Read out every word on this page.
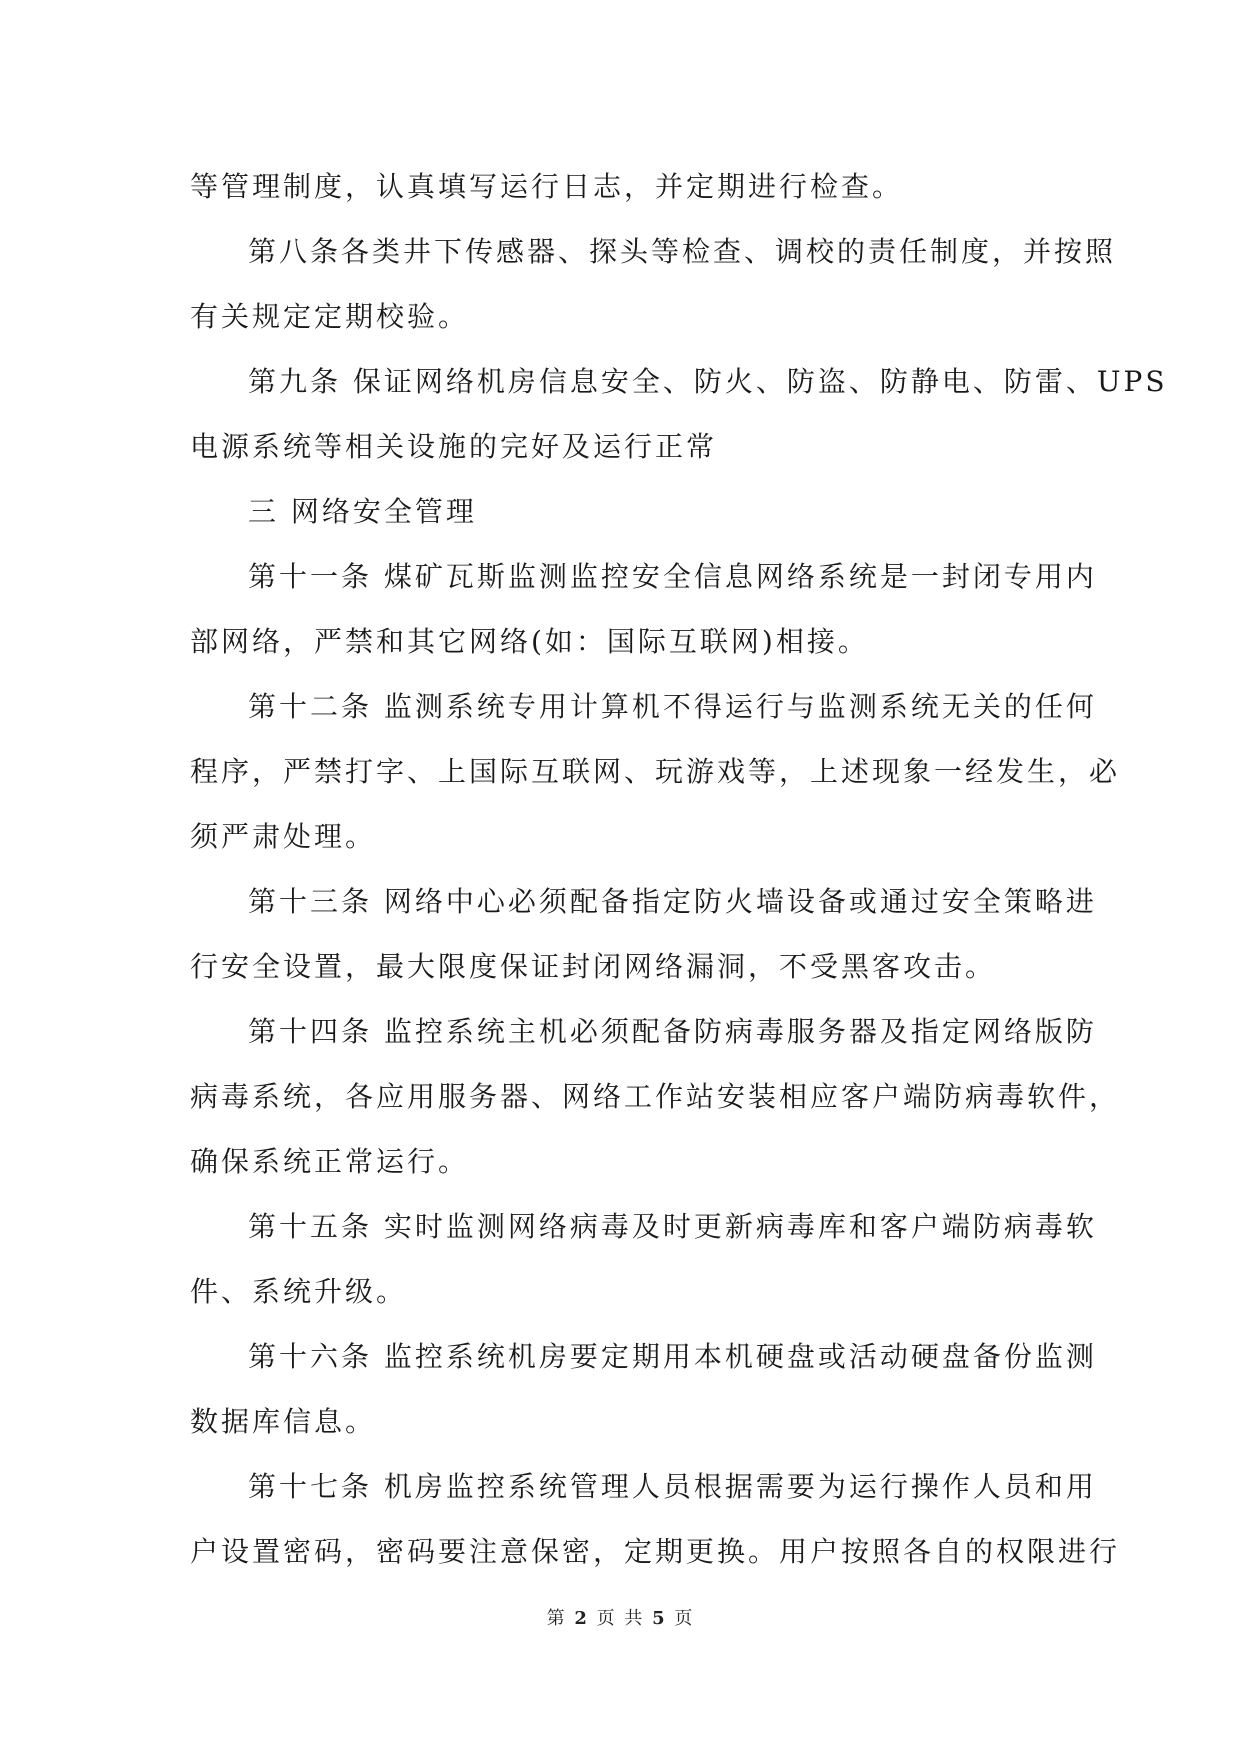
等管理制度，认真填写运行日志，并定期进行检查。
第八条各类井下传感器、探头等检查、调校的责任制度，并按照
有关规定定期校验。
第九条 保证网络机房信息安全、防火、防盗、防静电、防雷、UPS
电源系统等相关设施的完好及运行正常
三 网络安全管理
第十一条 煤矿瓦斯监测监控安全信息网络系统是一封闭专用内
部网络，严禁和其它网络(如：国际互联网)相接。
第十二条 监测系统专用计算机不得运行与监测系统无关的任何
程序，严禁打字、上国际互联网、玩游戏等，上述现象一经发生，必
须严肃处理。
第十三条 网络中心必须配备指定防火墙设备或通过安全策略进
行安全设置，最大限度保证封闭网络漏洞，不受黑客攻击。
第十四条 监控系统主机必须配备防病毒服务器及指定网络版防
病毒系统，各应用服务器、网络工作站安装相应客户端防病毒软件，
确保系统正常运行。
第十五条 实时监测网络病毒及时更新病毒库和客户端防病毒软
件、系统升级。
第十六条 监控系统机房要定期用本机硬盘或活动硬盘备份监测
数据库信息。
第十七条 机房监控系统管理人员根据需要为运行操作人员和用
户设置密码，密码要注意保密，定期更换。用户按照各自的权限进行
第 2 页 共 5 页
